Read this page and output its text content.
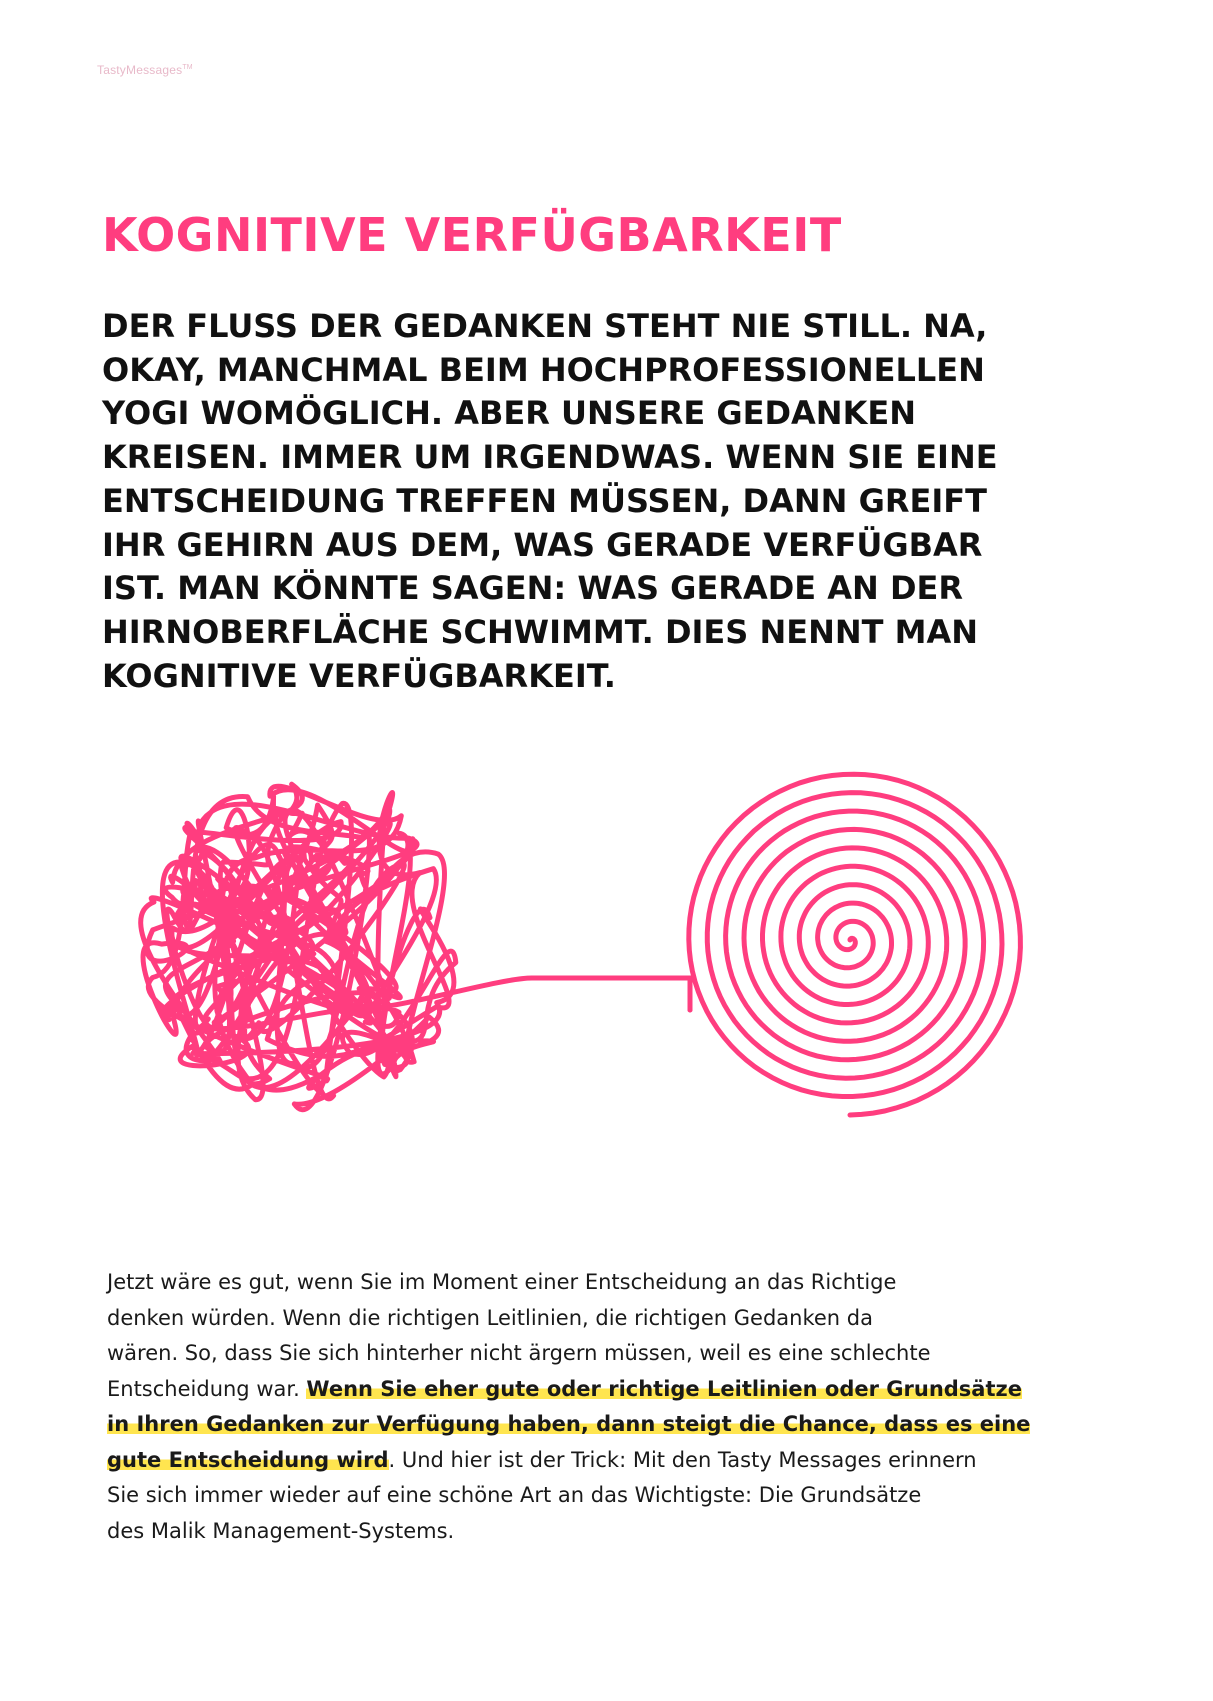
TastyMessages™
KOGNITIVE VERFÜGBARKEIT
DER FLUSS DER GEDANKEN STEHT NIE STILL. NA,
OKAY, MANCHMAL BEIM HOCHPROFESSIONELLEN
YOGI WOMÖGLICH. ABER UNSERE GEDANKEN
KREISEN. IMMER UM IRGENDWAS. WENN SIE EINE
ENTSCHEIDUNG TREFFEN MÜSSEN, DANN GREIFT
IHR GEHIRN AUS DEM, WAS GERADE VERFÜGBAR
IST. MAN KÖNNTE SAGEN: WAS GERADE AN DER
HIRNOBERFLÄCHE SCHWIMMT. DIES NENNT MAN
KOGNITIVE VERFÜGBARKEIT.

Jetzt wäre es gut, wenn Sie im Moment einer Entscheidung an das Richtige
denken würden. Wenn die richtigen Leitlinien, die richtigen Gedanken da
wären. So, dass Sie sich hinterher nicht ärgern müssen, weil es eine schlechte
Entscheidung war. Wenn Sie eher gute oder richtige Leitlinien oder Grundsätze
in Ihren Gedanken zur Verfügung haben, dann steigt die Chance, dass es eine
gute Entscheidung wird. Und hier ist der Trick: Mit den Tasty Messages erinnern
Sie sich immer wieder auf eine schöne Art an das Wichtigste: Die Grundsätze
des Malik Management-Systems.
